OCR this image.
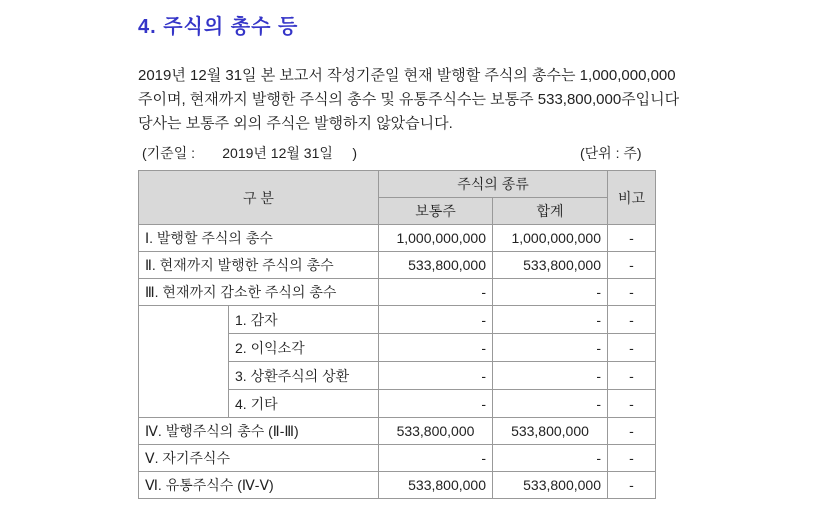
4. 주식의 총수 등
2019년 12월 31일 본 보고서 작성기준일 현재 발행할 주식의 총수는 1,000,000,000
주이며, 현재까지 발행한 주식의 총수 및 유통주식수는 보통주 533,800,000주입니다
당사는 보통주 외의 주식은 발행하지 않았습니다.
(기준일 :       2019년 12월 31일     )	(단위 : 주)
구 분		주식의 종류		비고
		보통주	합계	
Ⅰ. 발행할 주식의 총수		1,000,000,000	1,000,000,000	-
Ⅱ. 현재까지 발행한 주식의 총수		533,800,000	533,800,000	-
Ⅲ. 현재까지 감소한 주식의 총수		-	-	-
	1. 감자	-	-	-
	2. 이익소각	-	-	-
	3. 상환주식의 상환	-	-	-
	4. 기타	-	-	-
Ⅳ. 발행주식의 총수 (Ⅱ-Ⅲ)		533,800,000	533,800,000	-
Ⅴ. 자기주식수		-	-	-
Ⅵ. 유통주식수 (Ⅳ-Ⅴ)		533,800,000	533,800,000	-
